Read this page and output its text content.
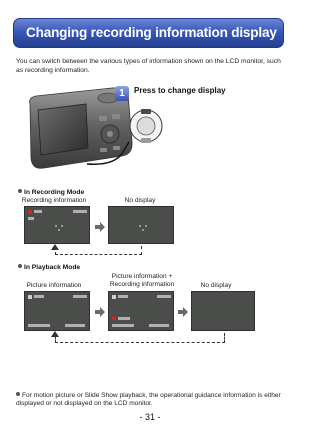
Changing recording information display
You can switch between the various types of information shown on the LCD monitor, such as recording information.
1	Press to change display
In Recording Mode
Recording information	No display
In Playback Mode
Picture information
Picture information +
Recording information	No display
For motion picture or Slide Show playback, the operational guidance information is either displayed or not displayed on the LCD monitor.
- 31 -
